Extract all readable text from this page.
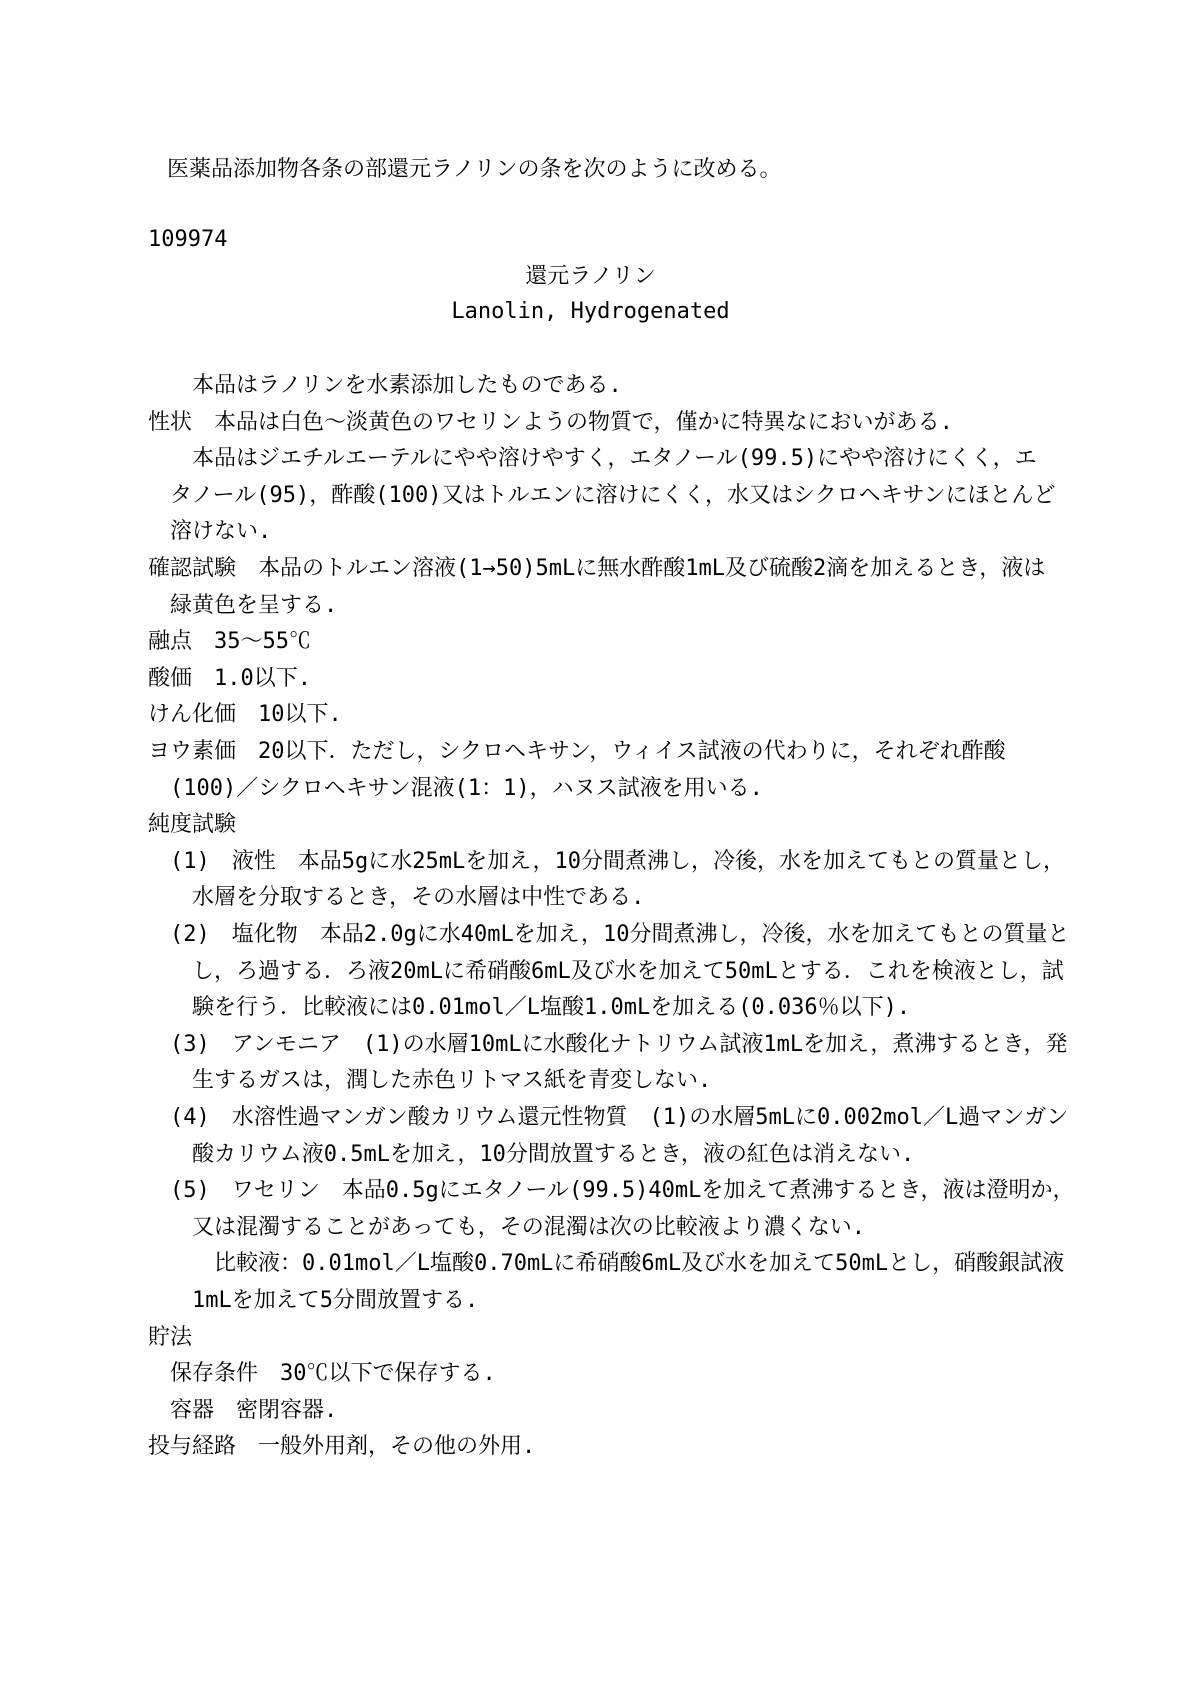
医薬品添加物各条の部還元ラノリンの条を次のように改める。
109974
還元ラノリン
Lanolin, Hydrogenated
本品はラノリンを水素添加したものである.
性状　本品は白色〜淡黄色のワセリンようの物質で，僅かに特異なにおいがある.
本品はジエチルエーテルにやや溶けやすく，エタノール(99.5)にやや溶けにくく，エ
タノール(95)，酢酸(100)又はトルエンに溶けにくく，水又はシクロヘキサンにほとんど
溶けない.
確認試験　本品のトルエン溶液(1→50)5mLに無水酢酸1mL及び硫酸2滴を加えるとき，液は
緑黄色を呈する.
融点　35〜55℃
酸価　1.0以下.
けん化価　10以下.
ヨウ素価　20以下．ただし，シクロヘキサン，ウィイス試液の代わりに，それぞれ酢酸
(100)／シクロヘキサン混液(1：1)，ハヌス試液を用いる.
純度試験
(1)　液性　本品5gに水25mLを加え，10分間煮沸し，冷後，水を加えてもとの質量とし，
水層を分取するとき，その水層は中性である.
(2)　塩化物　本品2.0gに水40mLを加え，10分間煮沸し，冷後，水を加えてもとの質量と
し，ろ過する．ろ液20mLに希硝酸6mL及び水を加えて50mLとする．これを検液とし，試
験を行う．比較液には0.01mol／L塩酸1.0mLを加える(0.036％以下).
(3)　アンモニア　(1)の水層10mLに水酸化ナトリウム試液1mLを加え，煮沸するとき，発
生するガスは，潤した赤色リトマス紙を青変しない.
(4)　水溶性過マンガン酸カリウム還元性物質　(1)の水層5mLに0.002mol／L過マンガン
酸カリウム液0.5mLを加え，10分間放置するとき，液の紅色は消えない.
(5)　ワセリン　本品0.5gにエタノール(99.5)40mLを加えて煮沸するとき，液は澄明か，
又は混濁することがあっても，その混濁は次の比較液より濃くない.
比較液：0.01mol／L塩酸0.70mLに希硝酸6mL及び水を加えて50mLとし，硝酸銀試液
1mLを加えて5分間放置する.
貯法
保存条件　30℃以下で保存する.
容器　密閉容器.
投与経路　一般外用剤，その他の外用.
